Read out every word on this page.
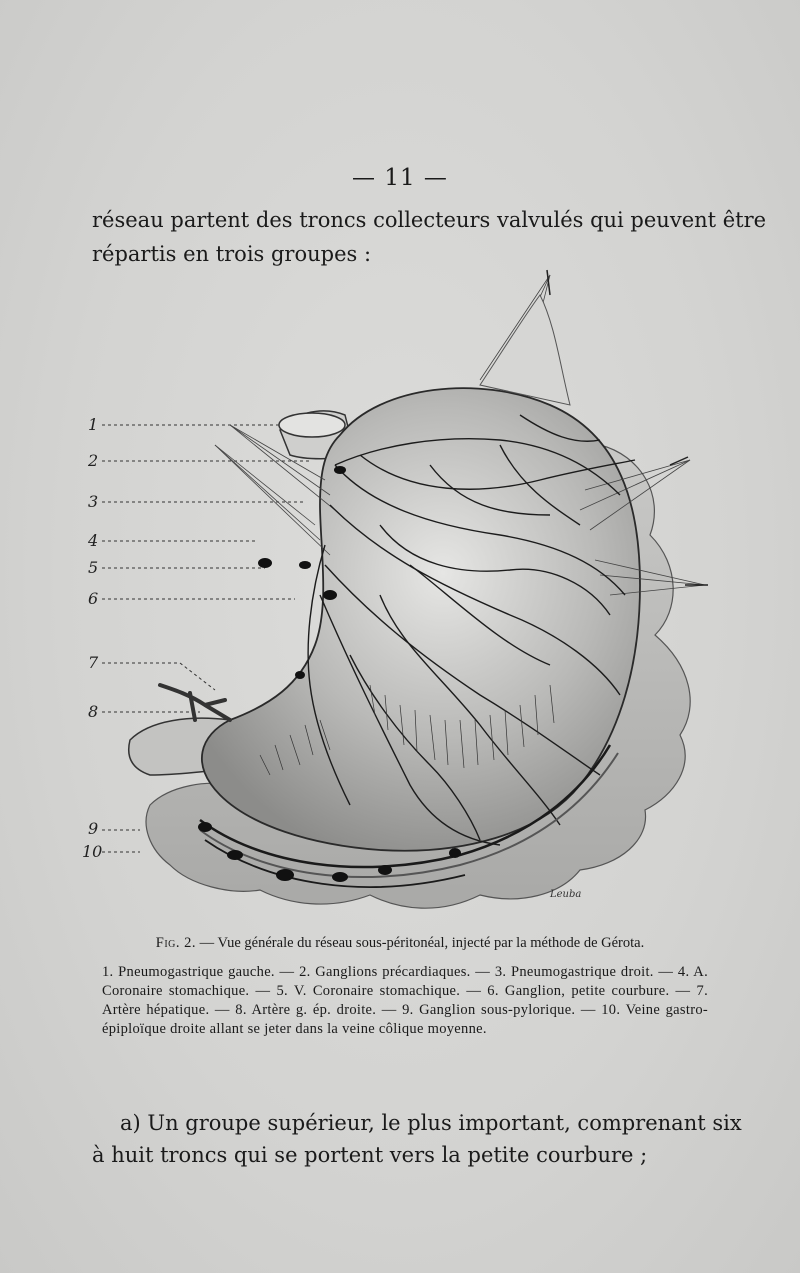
— 11 —
réseau partent des troncs collecteurs valvulés qui peuvent être
répartis en trois groupes :
Leuba
1
2
3
4
5
6
7
8
9
10
Fig. 2. — Vue générale du réseau sous-péritonéal, injecté par la méthode de Gérota.
1. Pneumogastrique gauche. — 2. Ganglions précardiaques. — 3. Pneumogastrique droit. — 4. A. Coronaire stomachique. — 5. V. Coronaire stomachique. — 6. Ganglion, petite courbure. — 7. Artère hépatique. — 8. Artère g. ép. droite. — 9. Ganglion sous-pylorique. — 10. Veine gastro-épiploïque droite allant se jeter dans la veine côlique moyenne.
a) Un groupe supérieur, le plus important, comprenant six
à huit troncs qui se portent vers la petite courbure ;
